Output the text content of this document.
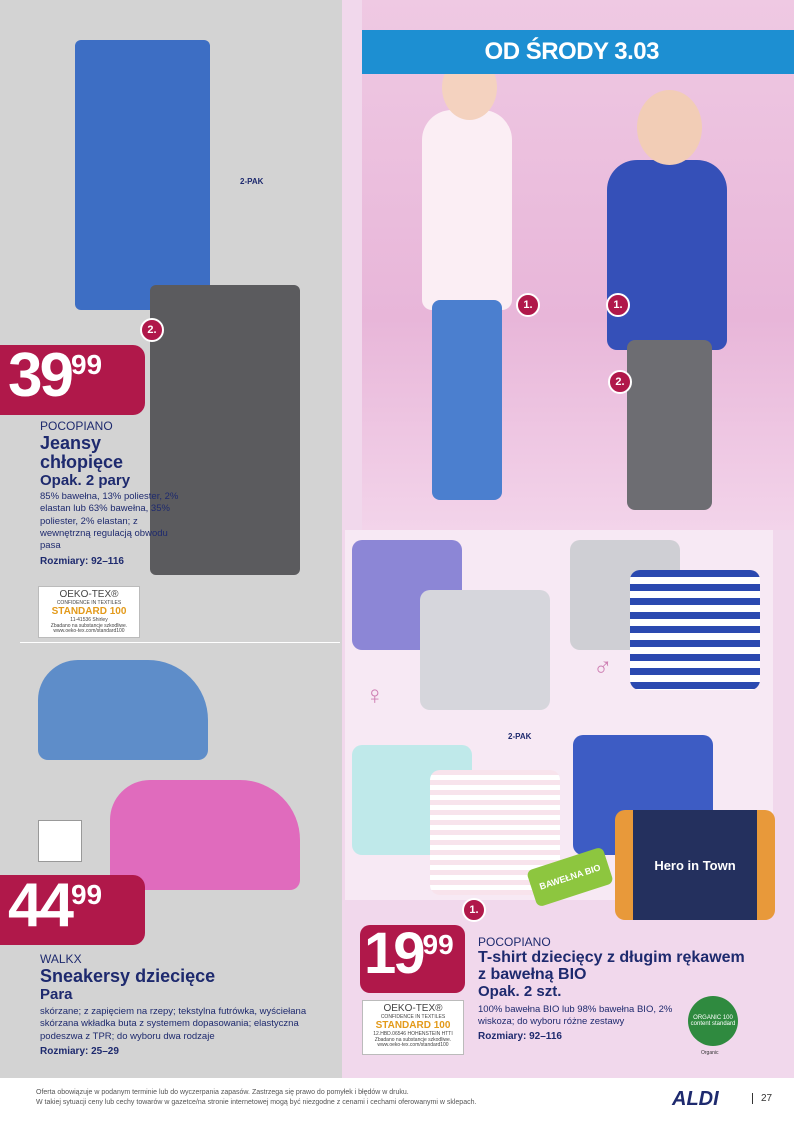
OD ŚRODY 3.03
2-PAK
2.
39 99
POCOPIANO
Jeansy
chłopięce
Opak. 2 pary
85% bawełna, 13% poliester, 2% elastan lub 63% bawełna, 35% poliester, 2% elastan; z wewnętrzną regulacją obwodu pasa
Rozmiary: 92–116
OEKO-TEX®
CONFIDENCE IN TEXTILES
STANDARD 100
11-41536 Shirley
Zbadano na substancje szkodliwe. www.oeko-tex.com/standard100
44 99
WALKX
Sneakersy dziecięce
Para
skórzane; z zapięciem na rzepy; tekstylna futrówka, wyściełana skórzana wkładka buta z systemem dopasowania; elastyczna podeszwa z TPR; do wyboru dwa rodzaje
Rozmiary: 25–29
♀
♂
2-PAK
Hero in Town
BAWEŁNA BIO
1.	1.
2.
1.
19 99 POCOPIANO
T-shirt dziecięcy z długim rękawem
z bawełną BIO
Opak. 2 szt.
100% bawełna BIO lub 98% bawełna BIO, 2% wiskoza; do wyboru różne zestawy
Rozmiary: 92–116
ORGANIC 100 content standard
Organic
OEKO-TEX®
CONFIDENCE IN TEXTILES
STANDARD 100
12.HBD.06546 HOHENSTEIN HTTI
Zbadano na substancje szkodliwe. www.oeko-tex.com/standard100
Oferta obowiązuje w podanym terminie lub do wyczerpania zapasów. Zastrzega się prawo do pomyłek i błędów w druku.
W takiej sytuacji ceny lub cechy towarów w gazetce/na stronie internetowej mogą być niezgodne z cenami i cechami oferowanymi w sklepach.	ALDI	27
